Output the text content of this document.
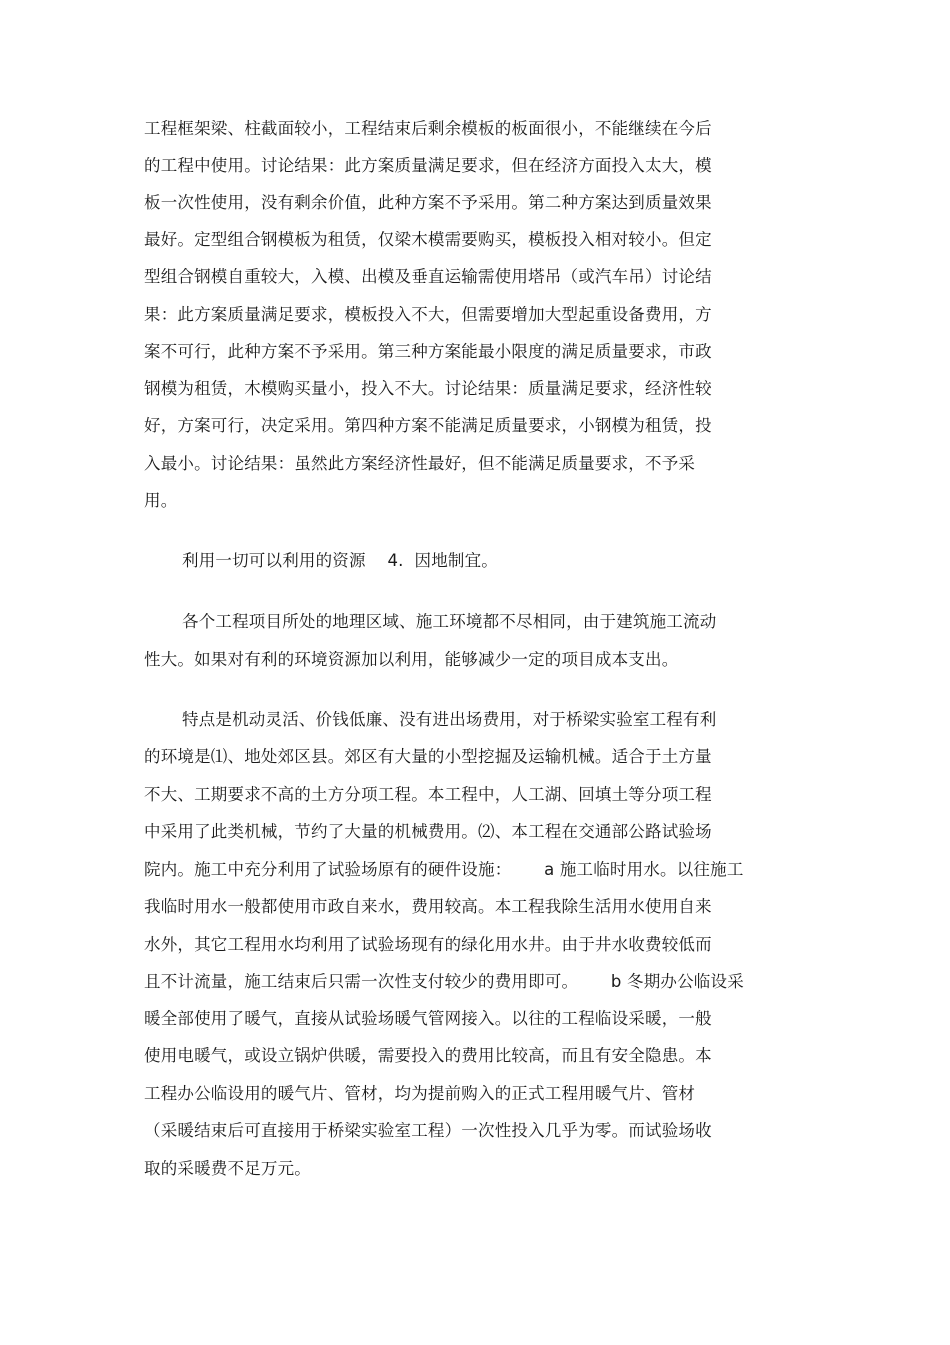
工程框架梁、柱截面较小，工程结束后剩余模板的板面很小，不能继续在今后
的工程中使用。讨论结果：此方案质量满足要求，但在经济方面投入太大，模
板一次性使用，没有剩余价值，此种方案不予采用。第二种方案达到质量效果
最好。定型组合钢模板为租赁，仅梁木模需要购买，模板投入相对较小。但定
型组合钢模自重较大，入模、出模及垂直运输需使用塔吊（或汽车吊）讨论结
果：此方案质量满足要求，模板投入不大，但需要增加大型起重设备费用，方
案不可行，此种方案不予采用。第三种方案能最小限度的满足质量要求，市政
钢模为租赁，木模购买量小，投入不大。讨论结果：质量满足要求，经济性较
好，方案可行，决定采用。第四种方案不能满足质量要求，小钢模为租赁，投
入最小。讨论结果：虽然此方案经济性最好，但不能满足质量要求，不予采
用。
利用一切可以利用的资源    4.  因地制宜。
各个工程项目所处的地理区域、施工环境都不尽相同，由于建筑施工流动
性大。如果对有利的环境资源加以利用，能够减少一定的项目成本支出。
特点是机动灵活、价钱低廉、没有进出场费用，对于桥梁实验室工程有利
的环境是⑴、地处郊区县。郊区有大量的小型挖掘及运输机械。适合于土方量
不大、工期要求不高的土方分项工程。本工程中，人工湖、回填土等分项工程
中采用了此类机械，节约了大量的机械费用。⑵、本工程在交通部公路试验场
院内。施工中充分利用了试验场原有的硬件设施：      a 施工临时用水。以往施工
我临时用水一般都使用市政自来水，费用较高。本工程我除生活用水使用自来
水外，其它工程用水均利用了试验场现有的绿化用水井。由于井水收费较低而
且不计流量，施工结束后只需一次性支付较少的费用即可。      b 冬期办公临设采
暖全部使用了暖气，直接从试验场暖气管网接入。以往的工程临设采暖，一般
使用电暖气，或设立锅炉供暖，需要投入的费用比较高，而且有安全隐患。本
工程办公临设用的暖气片、管材，均为提前购入的正式工程用暖气片、管材
（采暖结束后可直接用于桥梁实验室工程）一次性投入几乎为零。而试验场收
取的采暖费不足万元。
